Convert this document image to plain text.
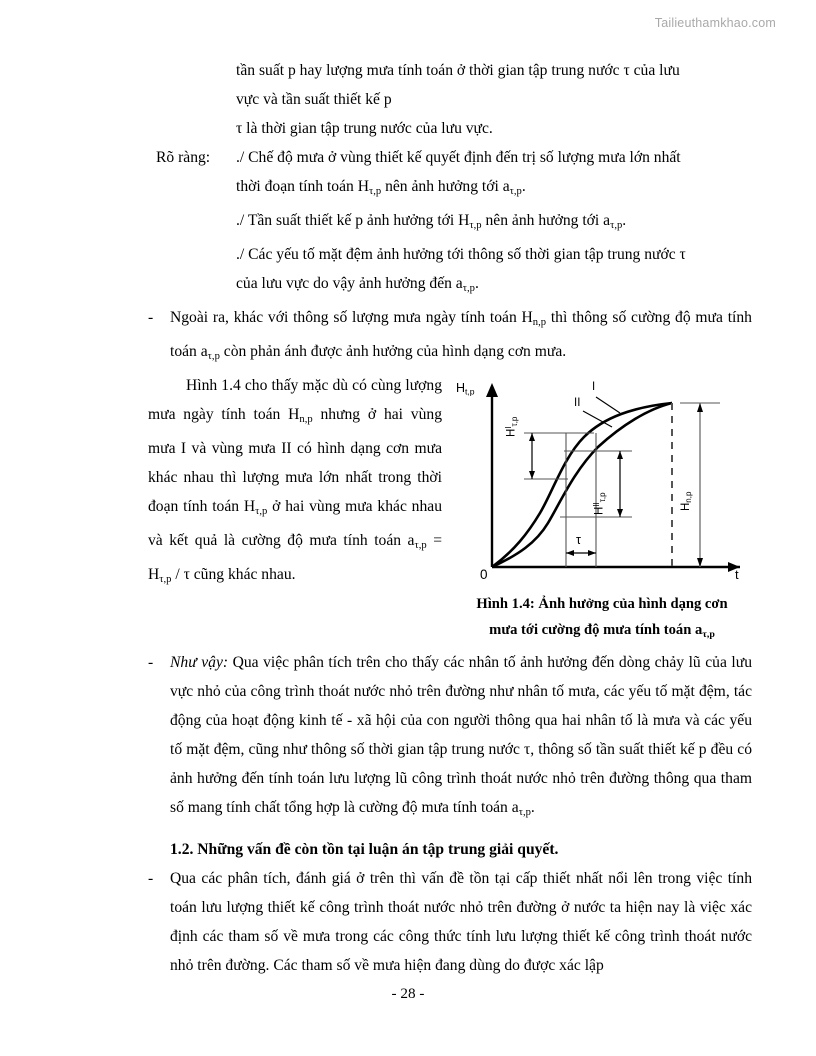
Tailieuthamkhao.com
tần suất p hay lượng mưa tính toán ở thời gian tập trung nước τ của lưu
vực và tần suất thiết kế p
τ là thời gian tập trung nước của lưu vực.
Rõ ràng: ./ Chế độ mưa ở vùng thiết kế quyết định đến trị số lượng mưa lớn nhất
thời đoạn tính toán $H_{\tau,p}$ nên ảnh hưởng tới $a_{\tau,p}$.
./ Tần suất thiết kế p ảnh hưởng tới $H_{\tau,p}$ nên ảnh hưởng tới $a_{\tau,p}$.
./ Các yếu tố mặt đệm ảnh hưởng tới thông số thời gian tập trung nước τ
của lưu vực do vậy ảnh hưởng đến $a_{\tau,p}$.
- Ngoài ra, khác với thông số lượng mưa ngày tính toán $H_{n,p}$ thì thông số cường độ mưa tính toán $a_{\tau,p}$ còn phản ánh được ảnh hưởng của hình dạng cơn mưa.
$H_{t,p}$
t
0
I
II
$H^I_{\tau,p}$
$H^{II}_{\tau,p}$
$H_{n,p}$
τ
Hình 1.4: Ảnh hưởng của hình dạng cơn
mưa tới cường độ mưa tính toán $a_{\tau,p}$
Hình 1.4 cho thấy mặc dù có cùng lượng mưa ngày tính toán $H_{n,p}$ nhưng ở hai vùng mưa I và vùng mưa II có hình dạng cơn mưa khác nhau thì lượng mưa lớn nhất trong thời đoạn tính toán $H_{\tau,p}$ ở hai vùng mưa khác nhau và kết quả là cường độ mưa tính toán $a_{\tau,p} = H_{\tau,p} / \tau$ cũng khác nhau.
- Như vậy: Qua việc phân tích trên cho thấy các nhân tố ảnh hưởng đến dòng chảy lũ của lưu vực nhỏ của công trình thoát nước nhỏ trên đường như nhân tố mưa, các yếu tố mặt đệm, tác động của hoạt động kinh tế - xã hội của con người thông qua hai nhân tố là mưa và các yếu tố mặt đệm, cũng như thông số thời gian tập trung nước τ, thông số tần suất thiết kế p đều có ảnh hưởng đến tính toán lưu lượng lũ công trình thoát nước nhỏ trên đường thông qua tham số mang tính chất tổng hợp là cường độ mưa tính toán $a_{\tau,p}$.
1.2. Những vấn đề còn tồn tại luận án tập trung giải quyết.
- Qua các phân tích, đánh giá ở trên thì vấn đề tồn tại cấp thiết nhất nổi lên trong việc tính toán lưu lượng thiết kế công trình thoát nước nhỏ trên đường ở nước ta hiện nay là việc xác định các tham số về mưa trong các công thức tính lưu lượng thiết kế công trình thoát nước nhỏ trên đường. Các tham số về mưa hiện đang dùng do được xác lập
- 28 -
